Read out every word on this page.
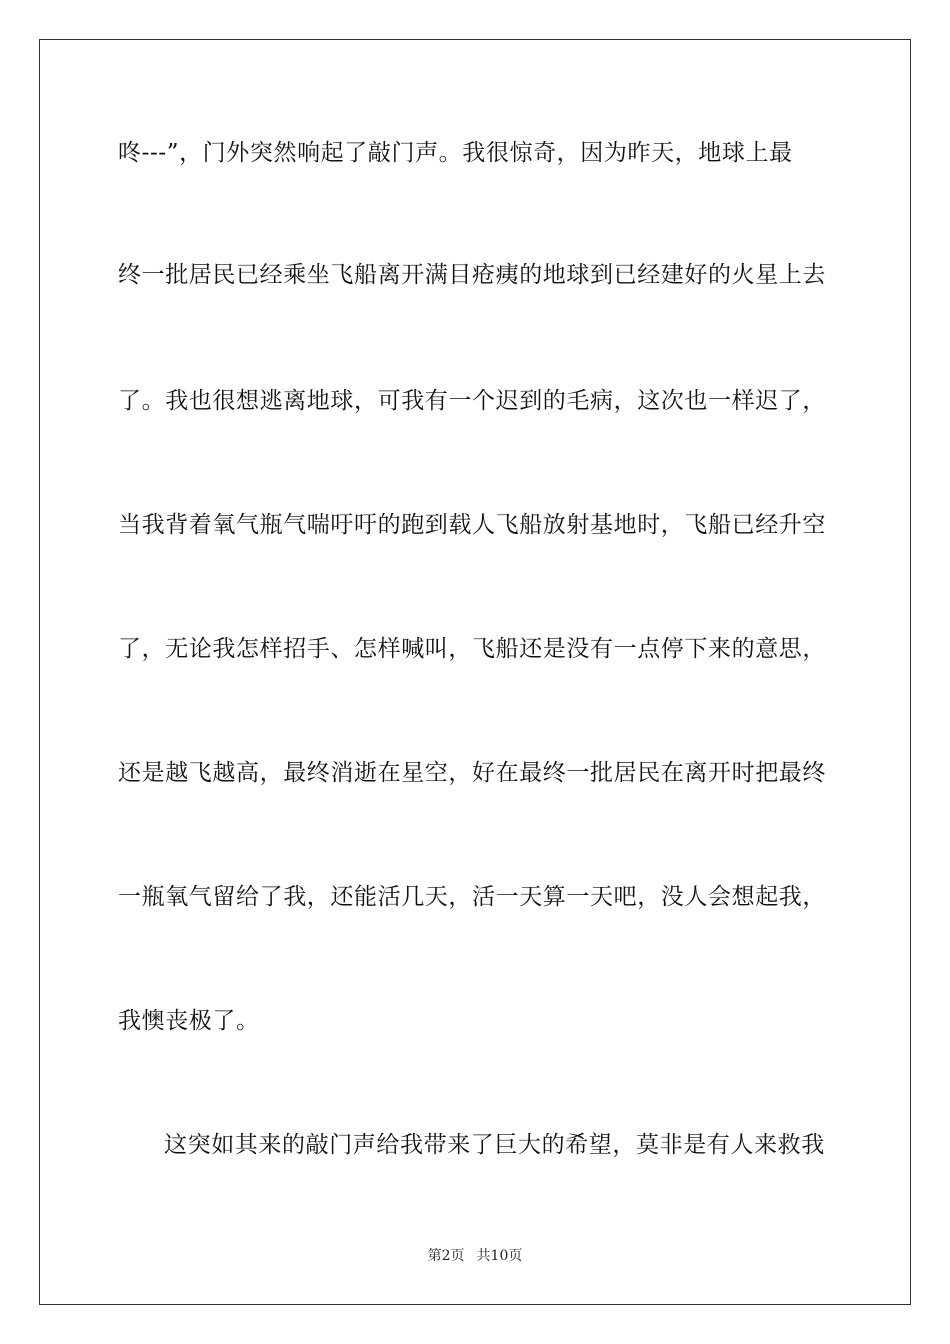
咚---”，门外突然响起了敲门声。我很惊奇，因为昨天，地球上最
终一批居民已经乘坐飞船离开满目疮痍的地球到已经建好的火星上去
了。我也很想逃离地球，可我有一个迟到的毛病，这次也一样迟了，
当我背着氧气瓶气喘吁吁的跑到载人飞船放射基地时，飞船已经升空
了，无论我怎样招手、怎样喊叫，飞船还是没有一点停下来的意思，
还是越飞越高，最终消逝在星空，好在最终一批居民在离开时把最终
一瓶氧气留给了我，还能活几天，活一天算一天吧，没人会想起我，
我懊丧极了。
这突如其来的敲门声给我带来了巨大的希望，莫非是有人来救我
第2页 共10页
